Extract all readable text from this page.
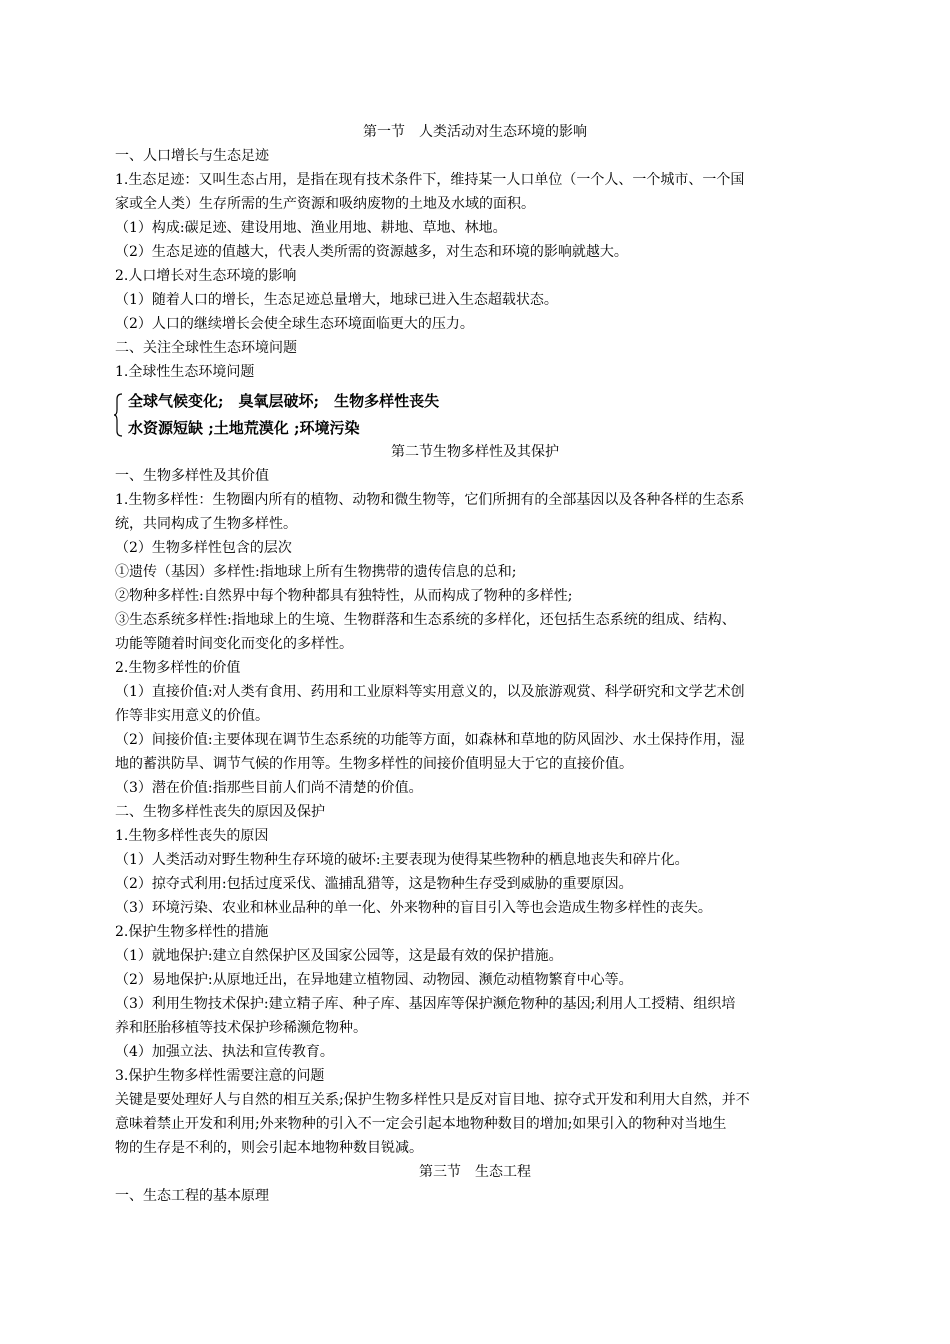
第一节　人类活动对生态环境的影响
一、人口增长与生态足迹
1.生态足迹：又叫生态占用，是指在现有技术条件下，维持某一人口单位（一个人、一个城市、一个国
家或全人类）生存所需的生产资源和吸纳废物的土地及水域的面积。
（1）构成:碳足迹、建设用地、渔业用地、耕地、草地、林地。
（2）生态足迹的值越大，代表人类所需的资源越多，对生态和环境的影响就越大。
2.人口增长对生态环境的影响
（1）随着人口的增长，生态足迹总量增大，地球已进入生态超载状态。
（2）人口的继续增长会使全球生态环境面临更大的压力。
二、关注全球性生态环境问题
1.全球性生态环境问题
全球气候变化;　臭氧层破坏;　生物多样性丧失
水资源短缺 ;土地荒漠化 ;环境污染
第二节生物多样性及其保护
一、生物多样性及其价值
1.生物多样性：生物圈内所有的植物、动物和微生物等，它们所拥有的全部基因以及各种各样的生态系
统，共同构成了生物多样性。
（2）生物多样性包含的层次
①遗传（基因）多样性:指地球上所有生物携带的遗传信息的总和;
②物种多样性:自然界中每个物种都具有独特性，从而构成了物种的多样性;
③生态系统多样性:指地球上的生境、生物群落和生态系统的多样化，还包括生态系统的组成、结构、
功能等随着时间变化而变化的多样性。
2.生物多样性的价值
（1）直接价值:对人类有食用、药用和工业原料等实用意义的，以及旅游观赏、科学研究和文学艺术创
作等非实用意义的价值。
（2）间接价值:主要体现在调节生态系统的功能等方面，如森林和草地的防风固沙、水土保持作用，湿
地的蓄洪防旱、调节气候的作用等。生物多样性的间接价值明显大于它的直接价值。
（3）潜在价值:指那些目前人们尚不清楚的价值。
二、生物多样性丧失的原因及保护
1.生物多样性丧失的原因
（1）人类活动对野生物种生存环境的破坏:主要表现为使得某些物种的栖息地丧失和碎片化。
（2）掠夺式利用:包括过度采伐、滥捕乱猎等，这是物种生存受到威胁的重要原因。
（3）环境污染、农业和林业品种的单一化、外来物种的盲目引入等也会造成生物多样性的丧失。
2.保护生物多样性的措施
（1）就地保护:建立自然保护区及国家公园等，这是最有效的保护措施。
（2）易地保护:从原地迁出，在异地建立植物园、动物园、濒危动植物繁育中心等。
（3）利用生物技术保护:建立精子库、种子库、基因库等保护濒危物种的基因;利用人工授精、组织培
养和胚胎移植等技术保护珍稀濒危物种。
（4）加强立法、执法和宣传教育。
3.保护生物多样性需要注意的问题
关键是要处理好人与自然的相互关系;保护生物多样性只是反对盲目地、掠夺式开发和利用大自然，并不
意味着禁止开发和利用;外来物种的引入不一定会引起本地物种数目的增加;如果引入的物种对当地生
物的生存是不利的，则会引起本地物种数目锐减。
第三节　生态工程
一、生态工程的基本原理
